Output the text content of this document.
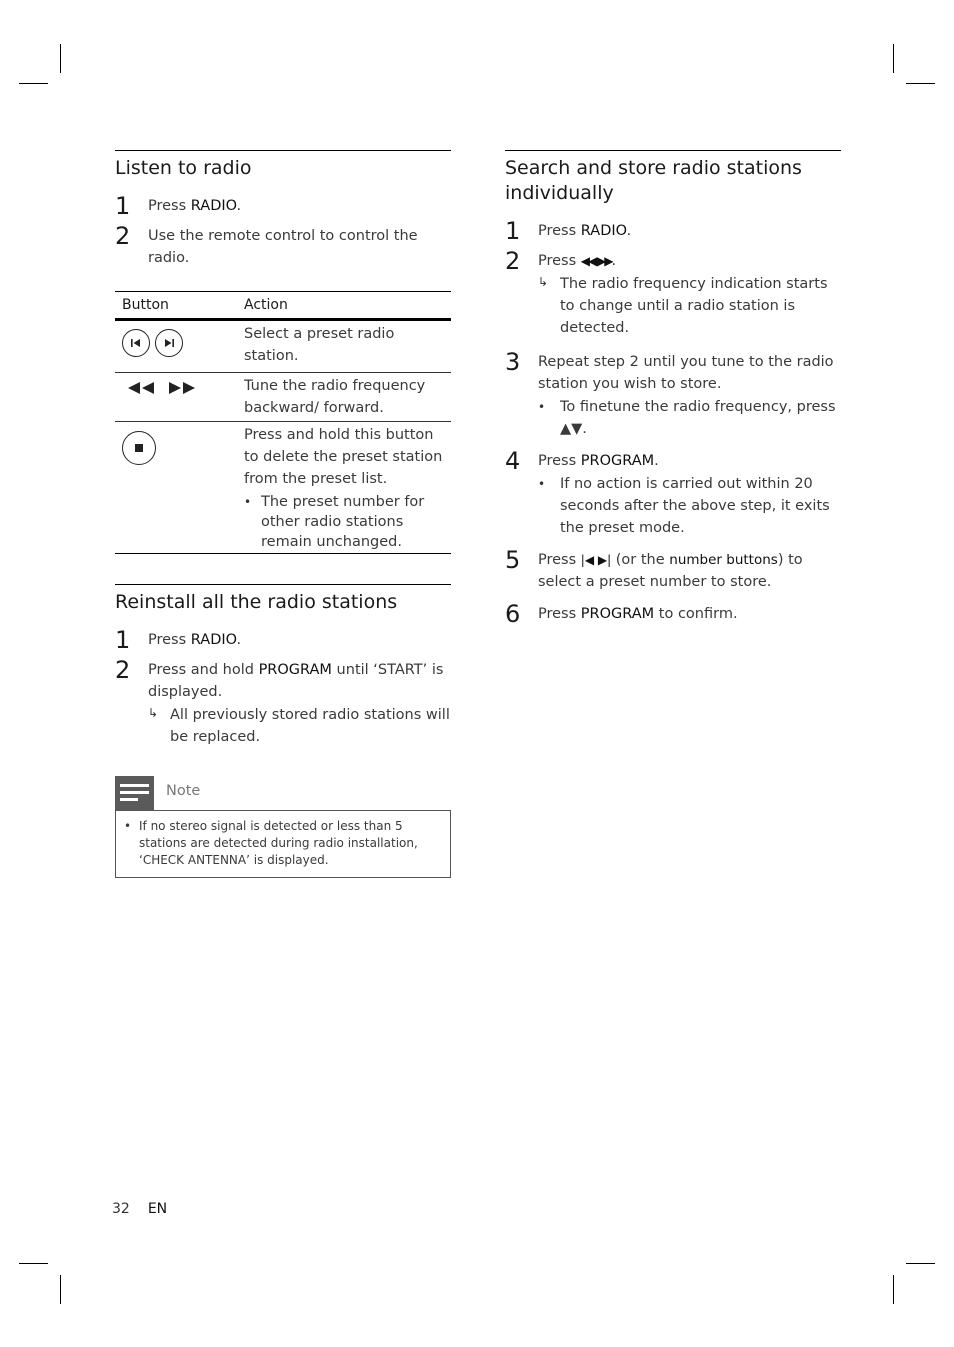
Listen to radio
1 Press RADIO.
2 Use the remote control to control the radio.
Button	Action
Select a preset radio station.

Tune the radio frequency backward/ forward.
Press and hold this button to delete the preset station from the preset list.
• The preset number for other radio stations remain unchanged.
Reinstall all the radio stations
1 Press RADIO.
2 Press and hold PROGRAM until ‘START’ is displayed.
↳ All previously stored radio stations will be replaced.
Note
• If no stereo signal is detected or less than 5 stations are detected during radio installation, ‘CHECK ANTENNA’ is displayed.
Search and store radio stations individually
1 Press RADIO.
2 Press ◀◀ ▶▶.
↳ The radio frequency indication starts to change until a radio station is detected.
3 Repeat step 2 until you tune to the radio station you wish to store.
• To finetune the radio frequency, press ▲▼.
4 Press PROGRAM.
• If no action is carried out within 20 seconds after the above step, it exits the preset mode.
5 Press |◀ ▶| (or the number buttons) to select a preset number to store.
6 Press PROGRAM to confirm.
32 EN
